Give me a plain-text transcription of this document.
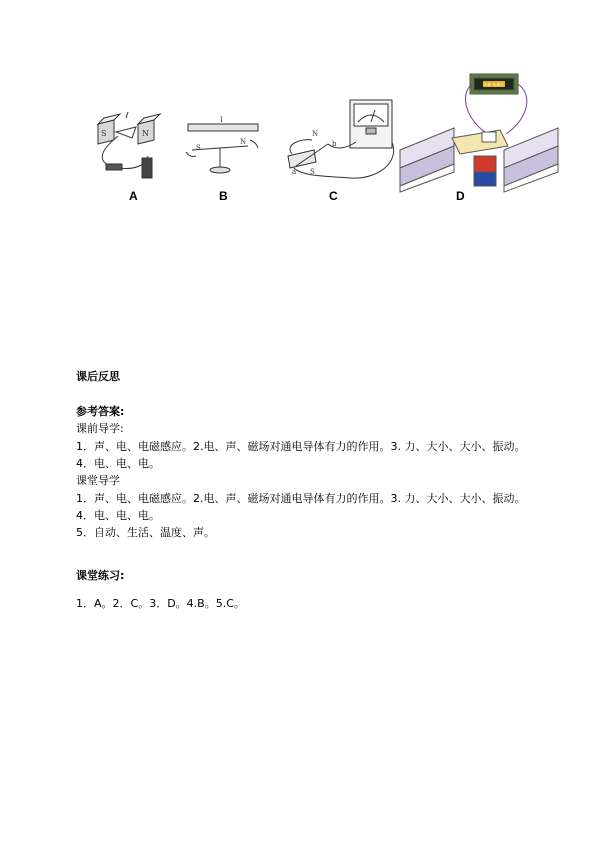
S	N
I
S
N
N
S
a
b
金霸 伍霸王
A	B	C	D
课后反思
参考答案:
课前导学:
1．声、电、电磁感应。2.电、声、磁场对通电导体有力的作用。3. 力、大小、大小、振动。
4．电、电、电。
课堂导学
1．声、电、电磁感应。2.电、声、磁场对通电导体有力的作用。3. 力、大小、大小、振动。
4．电、电、电。
5．自动、生活、温度、声。
课堂练习:
1．A。2．C。3．D。4.B。5.C。
